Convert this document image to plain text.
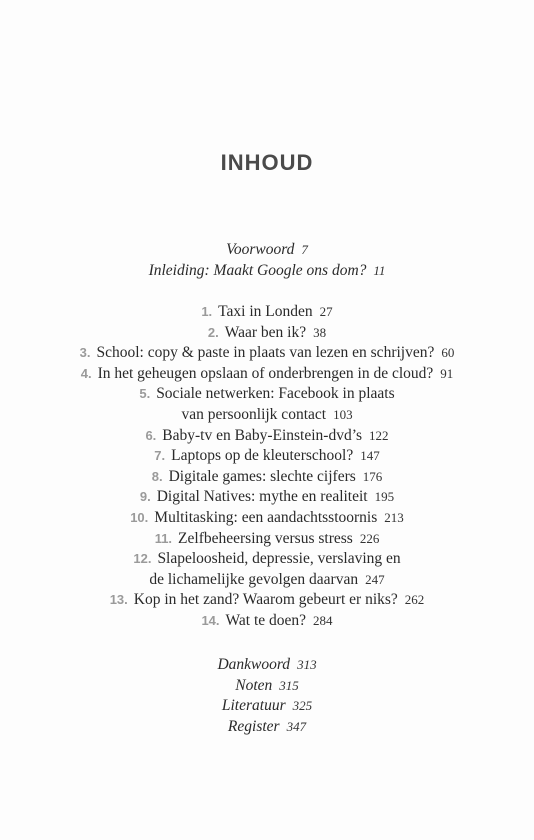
INHOUD
Voorwoord 7
Inleiding: Maakt Google ons dom? 11
1. Taxi in Londen 27
2. Waar ben ik? 38
3. School: copy & paste in plaats van lezen en schrijven? 60
4. In het geheugen opslaan of onderbrengen in de cloud? 91
5. Sociale netwerken: Facebook in plaats
van persoonlijk contact 103
6. Baby-tv en Baby-Einstein-dvd’s 122
7. Laptops op de kleuterschool? 147
8. Digitale games: slechte cijfers 176
9. Digital Natives: mythe en realiteit 195
10. Multitasking: een aandachtsstoornis 213
11. Zelfbeheersing versus stress 226
12. Slapeloosheid, depressie, verslaving en
de lichamelijke gevolgen daarvan 247
13. Kop in het zand? Waarom gebeurt er niks? 262
14. Wat te doen? 284
Dankwoord 313
Noten 315
Literatuur 325
Register 347
